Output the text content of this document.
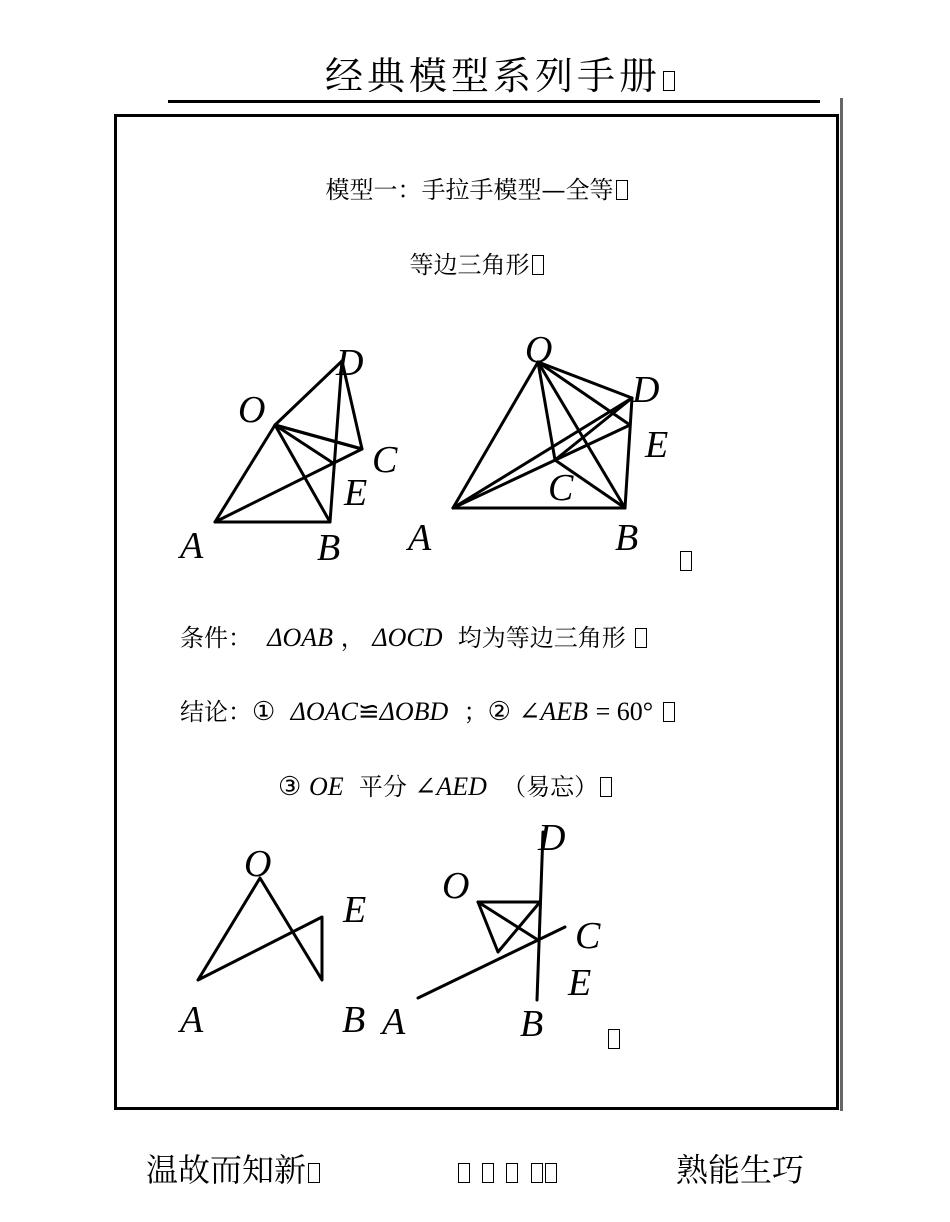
经典模型系列手册
模型一：手拉手模型—全等
等边三角形
O
D
C
E
A	B
O
D
E
C
A	B
O
E
A	B
D
O
C
E
A	B
条件： ΔOAB ， ΔOCD 均为等边三角形
结论：① ΔOAC≌ΔOBD ；② ∠AEB = 60°
③ OE 平分 ∠AED （易忘）
温故而知新
	熟能生巧
